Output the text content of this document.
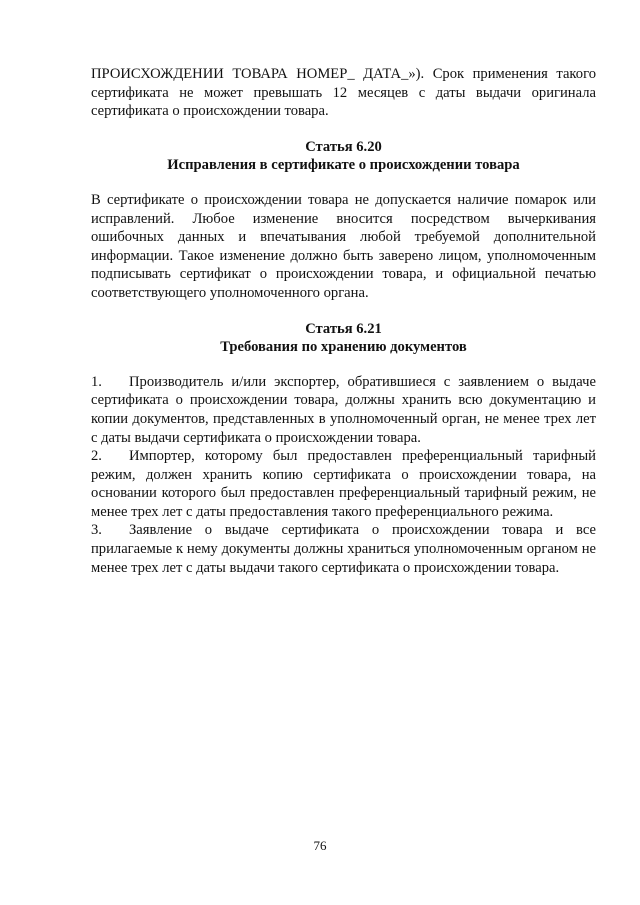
ПРОИСХОЖДЕНИИ ТОВАРА НОМЕР_ ДАТА_»). Срок применения такого сертификата не может превышать 12 месяцев с даты выдачи оригинала сертификата о происхождении товара.

Статья 6.20
Исправления в сертификате о происхождении товара

В сертификате о происхождении товара не допускается наличие помарок или исправлений. Любое изменение вносится посредством вычеркивания ошибочных данных и впечатывания любой требуемой дополнительной информации. Такое изменение должно быть заверено лицом, уполномоченным подписывать сертификат о происхождении товара, и официальной печатью соответствующего уполномоченного органа.

Статья 6.21
Требования по хранению документов

1. Производитель и/или экспортер, обратившиеся с заявлением о выдаче сертификата о происхождении товара, должны хранить всю документацию и копии документов, представленных в уполномоченный орган, не менее трех лет с даты выдачи сертификата о происхождении товара.

2. Импортер, которому был предоставлен преференциальный тарифный режим, должен хранить копию сертификата о происхождении товара, на основании которого был предоставлен преференциальный тарифный режим, не менее трех лет с даты предоставления такого преференциального режима.

3. Заявление о выдаче сертификата о происхождении товара и все прилагаемые к нему документы должны храниться уполномоченным органом не менее трех лет с даты выдачи такого сертификата о происхождении товара.

76
